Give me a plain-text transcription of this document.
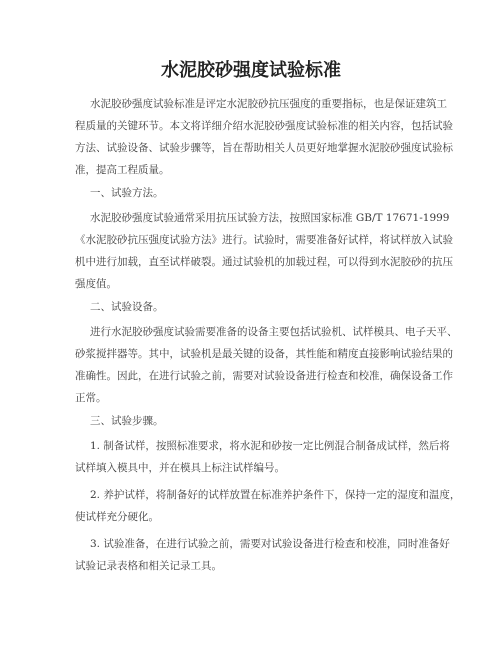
水泥胶砂强度试验标准
水泥胶砂强度试验标准是评定水泥胶砂抗压强度的重要指标，也是保证建筑工
程质量的关键环节。本文将详细介绍水泥胶砂强度试验标准的相关内容，包括试验
方法、试验设备、试验步骤等，旨在帮助相关人员更好地掌握水泥胶砂强度试验标
准，提高工程质量。
一、试验方法。
水泥胶砂强度试验通常采用抗压试验方法，按照国家标准 GB/T 17671-1999
《水泥胶砂抗压强度试验方法》进行。试验时，需要准备好试样，将试样放入试验
机中进行加载，直至试样破裂。通过试验机的加载过程，可以得到水泥胶砂的抗压
强度值。
二、试验设备。
进行水泥胶砂强度试验需要准备的设备主要包括试验机、试样模具、电子天平、
砂浆搅拌器等。其中，试验机是最关键的设备，其性能和精度直接影响试验结果的
准确性。因此，在进行试验之前，需要对试验设备进行检查和校准，确保设备工作
正常。
三、试验步骤。
1. 制备试样，按照标准要求，将水泥和砂按一定比例混合制备成试样，然后将
试样填入模具中，并在模具上标注试样编号。
2. 养护试样，将制备好的试样放置在标准养护条件下，保持一定的湿度和温度，
使试样充分硬化。
3. 试验准备，在进行试验之前，需要对试验设备进行检查和校准，同时准备好
试验记录表格和相关记录工具。
